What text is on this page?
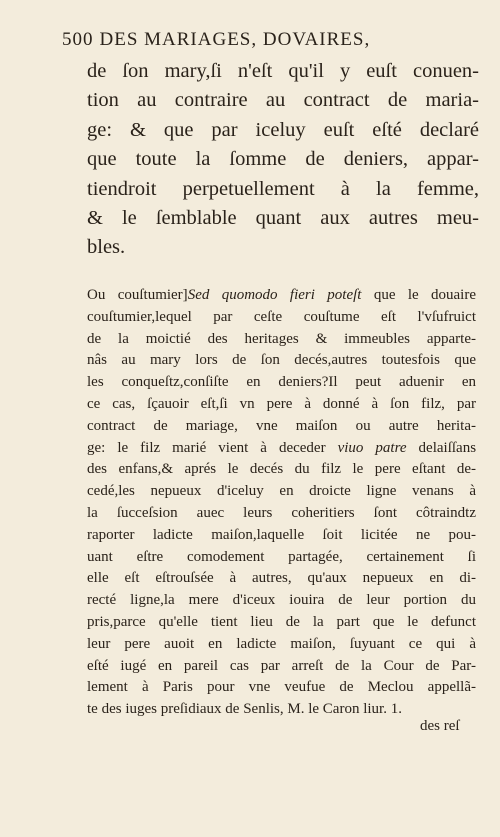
500 DES MARIAGES, DOVAIRES,
de ſon mary,ſi n'eſt qu'il y euſt conuen-
tion au contraire au contract de maria-
ge: & que par iceluy euſt eſté declaré
que toute la ſomme de deniers, appar-
tiendroit perpetuellement à la femme,
& le ſemblable quant aux autres meu-
bles.
Ou couſtumier]Sed quomodo fieri poteſt que le douaire
couſtumier,lequel par ceſte couſtume eſt l'vſufruict
de la moictié des heritages & immeubles apparte-
nâs au mary lors de ſon decés,autres toutesfois que
les conqueſtz,conſiſte en deniers?Il peut aduenir en
ce cas, ſçauoir eſt,ſi vn pere à donné à ſon filz, par
contract de mariage, vne maiſon ou autre herita-
ge: le filz marié vient à deceder viuo patre delaiſſans
des enfans,& aprés le decés du filz le pere eſtant de-
cedé,les nepueux d'iceluy en droicte ligne venans à
la ſucceſsion auec leurs coheritiers ſont côtraindtz
raporter ladicte maiſon,laquelle ſoit licitée ne pou-
uant eſtre comodement partagée, certainement ſi
elle eſt eſtrouſsée à autres, qu'aux nepueux en di-
recté ligne,la mere d'iceux iouira de leur portion du
pris,parce qu'elle tient lieu de la part que le defunct
leur pere auoit en ladicte maiſon, ſuyuant ce qui à
eſté iugé en pareil cas par arreſt de la Cour de Par-
lement à Paris pour vne veufue de Meclou appellã-
te des iuges preſidiaux de Senlis, M. le Caron liur. 1.
des reſ
